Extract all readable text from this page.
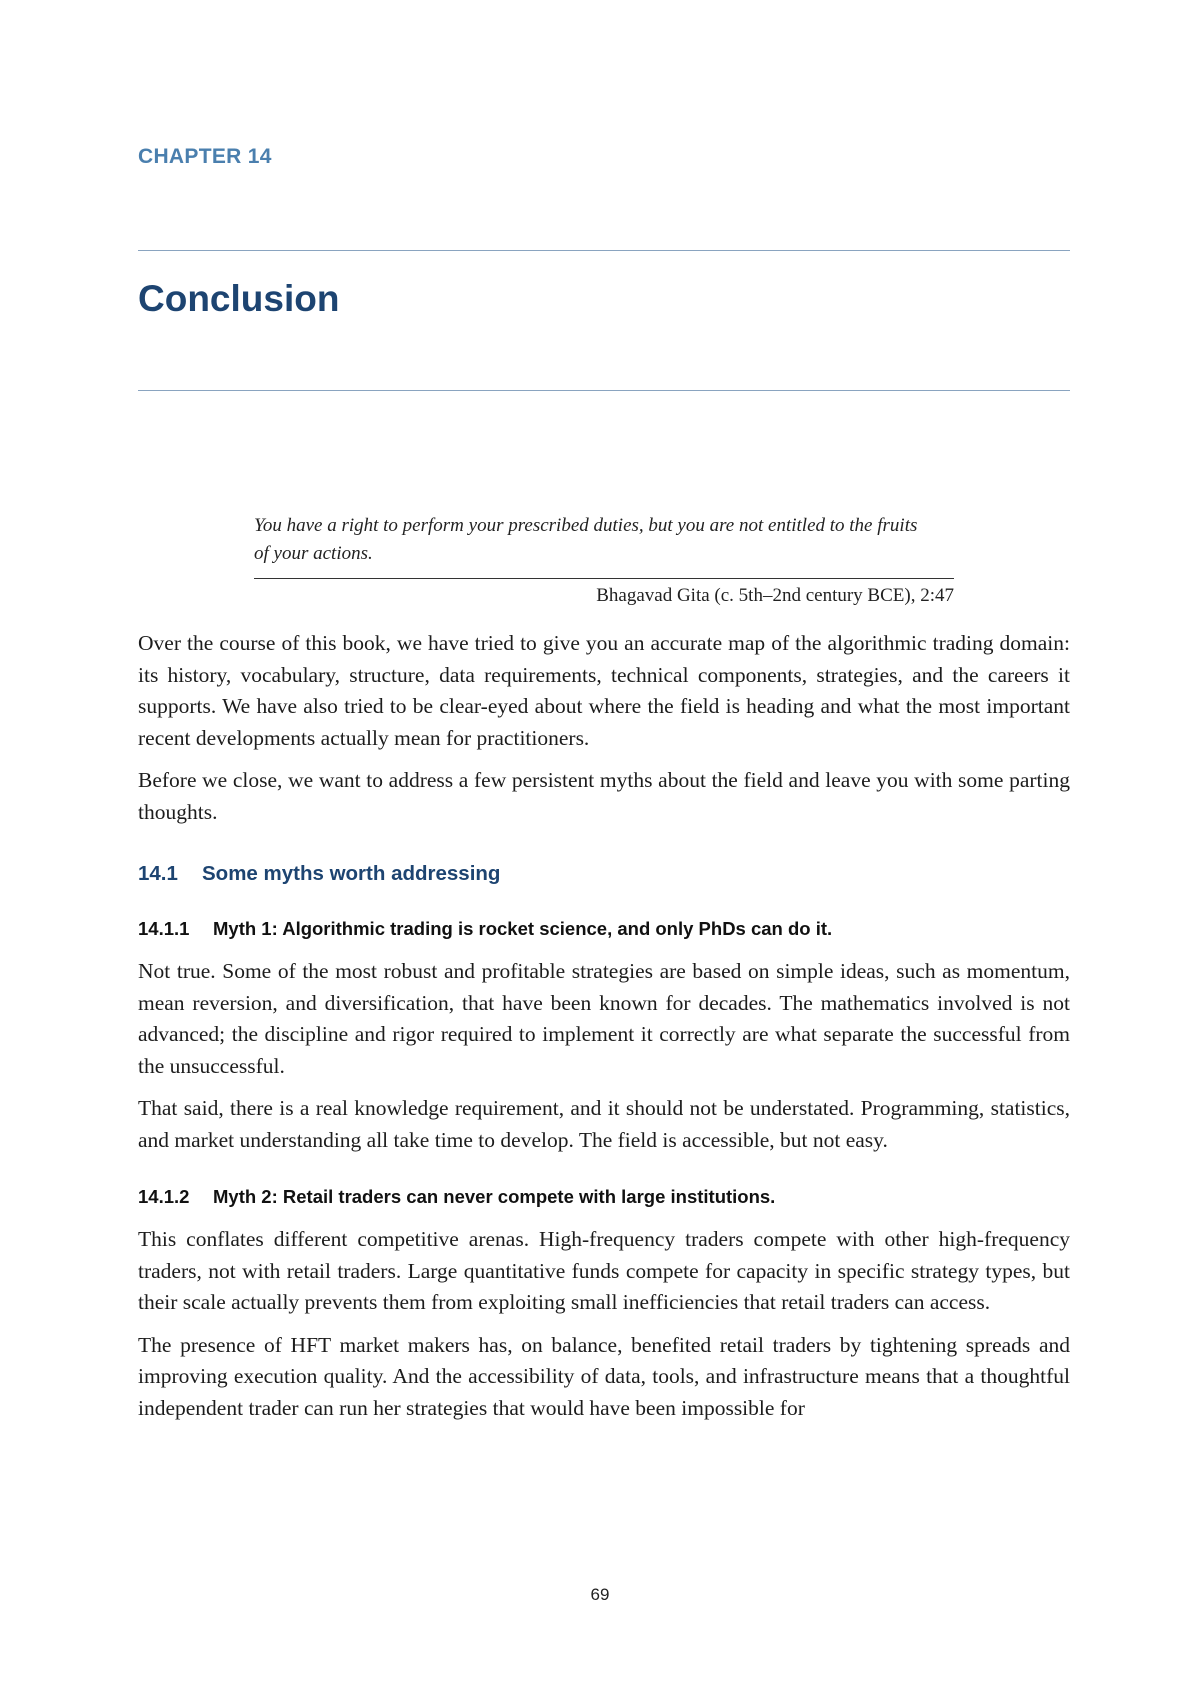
CHAPTER 14
Conclusion
You have a right to perform your prescribed duties, but you are not entitled to the fruits of your actions.
Bhagavad Gita (c. 5th–2nd century BCE), 2:47

Over the course of this book, we have tried to give you an accurate map of the algorithmic trading domain: its history, vocabulary, structure, data requirements, technical components, strategies, and the careers it supports. We have also tried to be clear-eyed about where the field is heading and what the most important recent developments actually mean for practitioners.

Before we close, we want to address a few persistent myths about the field and leave you with some parting thoughts.

14.1 Some myths worth addressing
14.1.1 Myth 1: Algorithmic trading is rocket science, and only PhDs can do it.

Not true. Some of the most robust and profitable strategies are based on simple ideas, such as momentum, mean reversion, and diversification, that have been known for decades. The mathematics involved is not advanced; the discipline and rigor required to implement it correctly are what separate the successful from the unsuccessful.

That said, there is a real knowledge requirement, and it should not be understated. Programming, statistics, and market understanding all take time to develop. The field is accessible, but not easy.

14.1.2 Myth 2: Retail traders can never compete with large institutions.

This conflates different competitive arenas. High-frequency traders compete with other high-frequency traders, not with retail traders. Large quantitative funds compete for capacity in specific strategy types, but their scale actually prevents them from exploiting small inefficiencies that retail traders can access.

The presence of HFT market makers has, on balance, benefited retail traders by tightening spreads and improving execution quality. And the accessibility of data, tools, and infrastructure means that a thoughtful independent trader can run her strategies that would have been impossible for

69
